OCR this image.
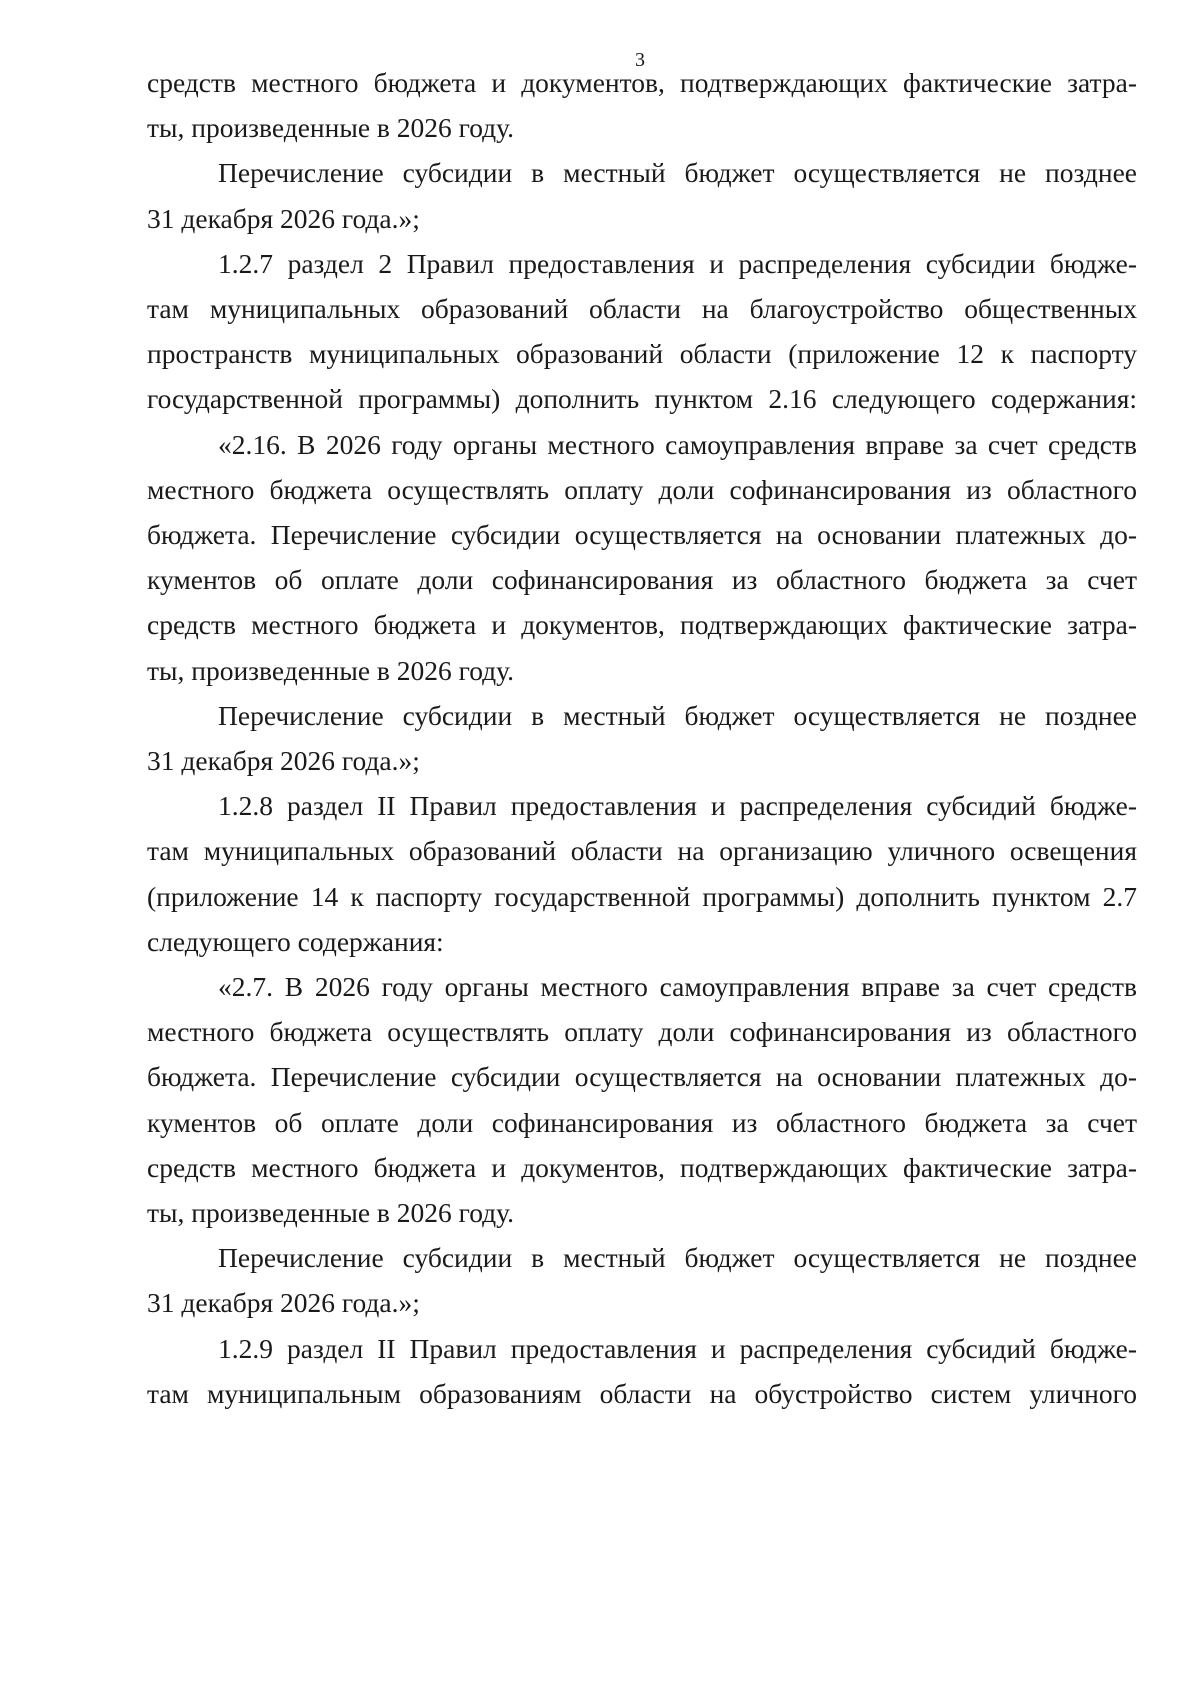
3
средств местного бюджета и документов, подтверждающих фактические затра-
ты, произведенные в 2026 году.
Перечисление субсидии в местный бюджет осуществляется не позднее
31 декабря 2026 года.»;
1.2.7 раздел 2 Правил предоставления и распределения субсидии бюдже-
там муниципальных образований области на благоустройство общественных
пространств муниципальных образований области (приложение 12 к паспорту
государственной программы) дополнить пунктом 2.16 следующего содержания:
«2.16. В 2026 году органы местного самоуправления вправе за счет средств
местного бюджета осуществлять оплату доли софинансирования из областного
бюджета. Перечисление субсидии осуществляется на основании платежных до-
кументов об оплате доли софинансирования из областного бюджета за счет
средств местного бюджета и документов, подтверждающих фактические затра-
ты, произведенные в 2026 году.
Перечисление субсидии в местный бюджет осуществляется не позднее
31 декабря 2026 года.»;
1.2.8 раздел II Правил предоставления и распределения субсидий бюдже-
там муниципальных образований области на организацию уличного освещения
(приложение 14 к паспорту государственной программы) дополнить пунктом 2.7
следующего содержания:
«2.7. В 2026 году органы местного самоуправления вправе за счет средств
местного бюджета осуществлять оплату доли софинансирования из областного
бюджета. Перечисление субсидии осуществляется на основании платежных до-
кументов об оплате доли софинансирования из областного бюджета за счет
средств местного бюджета и документов, подтверждающих фактические затра-
ты, произведенные в 2026 году.
Перечисление субсидии в местный бюджет осуществляется не позднее
31 декабря 2026 года.»;
1.2.9 раздел II Правил предоставления и распределения субсидий бюдже-
там муниципальным образованиям области на обустройство систем уличного
